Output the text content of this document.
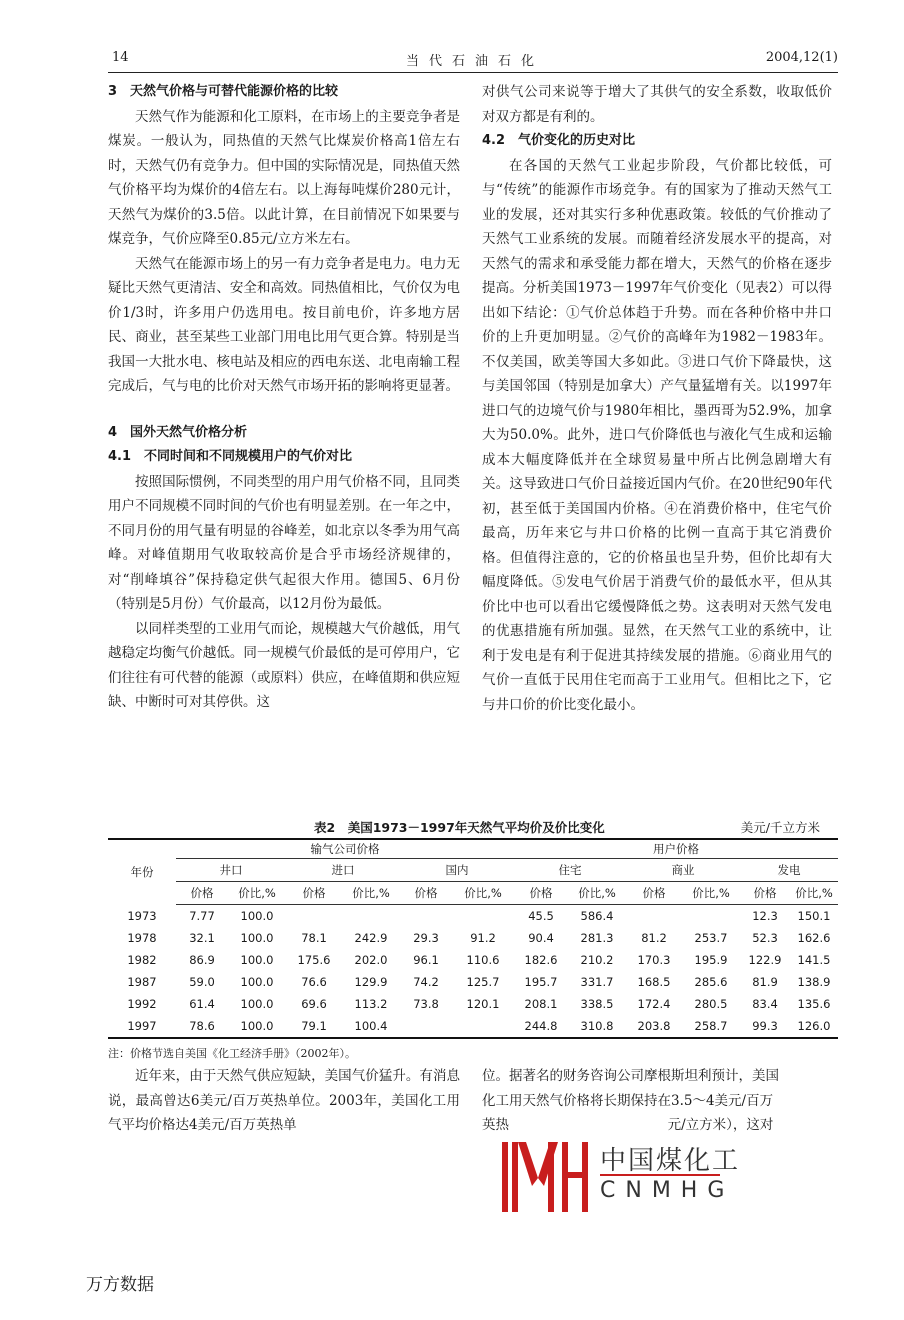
14	当代石油石化	2004,12(1)

3　天然气价格与可替代能源价格的比较

天然气作为能源和化工原料，在市场上的主要竞争者是煤炭。一般认为，同热值的天然气比煤炭价格高1倍左右时，天然气仍有竞争力。但中国的实际情况是，同热值天然气价格平均为煤价的4倍左右。以上海每吨煤价280元计，天然气为煤价的3.5倍。以此计算，在目前情况下如果要与煤竞争，气价应降至0.85元/立方米左右。

天然气在能源市场上的另一有力竞争者是电力。电力无疑比天然气更清洁、安全和高效。同热值相比，气价仅为电价1/3时，许多用户仍选用电。按目前电价，许多地方居民、商业，甚至某些工业部门用电比用气更合算。特别是当我国一大批水电、核电站及相应的西电东送、北电南输工程完成后，气与电的比价对天然气市场开拓的影响将更显著。

4　国外天然气价格分析

4.1　不同时间和不同规模用户的气价对比

按照国际惯例，不同类型的用户用气价格不同，且同类用户不同规模不同时间的气价也有明显差别。在一年之中，不同月份的用气量有明显的谷峰差，如北京以冬季为用气高峰。对峰值期用气收取较高价是合乎市场经济规律的，对“削峰填谷”保持稳定供气起很大作用。德国5、6月份（特别是5月份）气价最高，以12月份为最低。

以同样类型的工业用气而论，规模越大气价越低，用气越稳定均衡气价越低。同一规模气价最低的是可停用户，它们往往有可代替的能源（或原料）供应，在峰值期和供应短缺、中断时可对其停供。这

对供气公司来说等于增大了其供气的安全系数，收取低价对双方都是有利的。

4.2　气价变化的历史对比

在各国的天然气工业起步阶段，气价都比较低，可与“传统”的能源作市场竞争。有的国家为了推动天然气工业的发展，还对其实行多种优惠政策。较低的气价推动了天然气工业系统的发展。而随着经济发展水平的提高，对天然气的需求和承受能力都在增大，天然气的价格在逐步提高。分析美国1973－1997年气价变化（见表2）可以得出如下结论：①气价总体趋于升势。而在各种价格中井口价的上升更加明显。②气价的高峰年为1982－1983年。不仅美国，欧美等国大多如此。③进口气价下降最快，这与美国邻国（特别是加拿大）产气量猛增有关。以1997年进口气的边境气价与1980年相比，墨西哥为52.9%，加拿大为50.0%。此外，进口气价降低也与液化气生成和运输成本大幅度降低并在全球贸易量中所占比例急剧增大有关。这导致进口气价日益接近国内气价。在20世纪90年代初，甚至低于美国国内价格。④在消费价格中，住宅气价最高，历年来它与井口价格的比例一直高于其它消费价格。但值得注意的，它的价格虽也呈升势，但价比却有大幅度降低。⑤发电气价居于消费气价的最低水平，但从其价比中也可以看出它缓慢降低之势。这表明对天然气发电的优惠措施有所加强。显然，在天然气工业的系统中，让利于发电是有利于促进其持续发展的措施。⑥商业用气的气价一直低于民用住宅而高于工业用气。但相比之下，它与井口价的价比变化最小。

表2　美国1973－1997年天然气平均价及价比变化	美元/千立方米
年份	输气公司价格						用户价格					
	井口		进口		国内		住宅		商业		发电	
	价格	价比,%	价格	价比,%	价格	价比,%	价格	价比,%	价格	价比,%	价格	价比,%
1973	7.77	100.0					45.5	586.4			12.3	150.1
1978	32.1	100.0	78.1	242.9	29.3	91.2	90.4	281.3	81.2	253.7	52.3	162.6
1982	86.9	100.0	175.6	202.0	96.1	110.6	182.6	210.2	170.3	195.9	122.9	141.5
1987	59.0	100.0	76.6	129.9	74.2	125.7	195.7	331.7	168.5	285.6	81.9	138.9
1992	61.4	100.0	69.6	113.2	73.8	120.1	208.1	338.5	172.4	280.5	83.4	135.6
1997	78.6	100.0	79.1	100.4			244.8	310.8	203.8	258.7	99.3	126.0
注：价格节选自美国《化工经济手册》（2002年）。

近年来，由于天然气供应短缺，美国气价猛升。有消息说，最高曾达6美元/百万英热单位。2003年，美国化工用气平均价格达4美元/百万英热单

位。据著名的财务咨询公司摩根斯坦利预计，美国

化工用天然气价格将长期保持在3.5～4美元/百万

英热	元/立方米），这对

中国煤化工
CNMHG
万方数据
